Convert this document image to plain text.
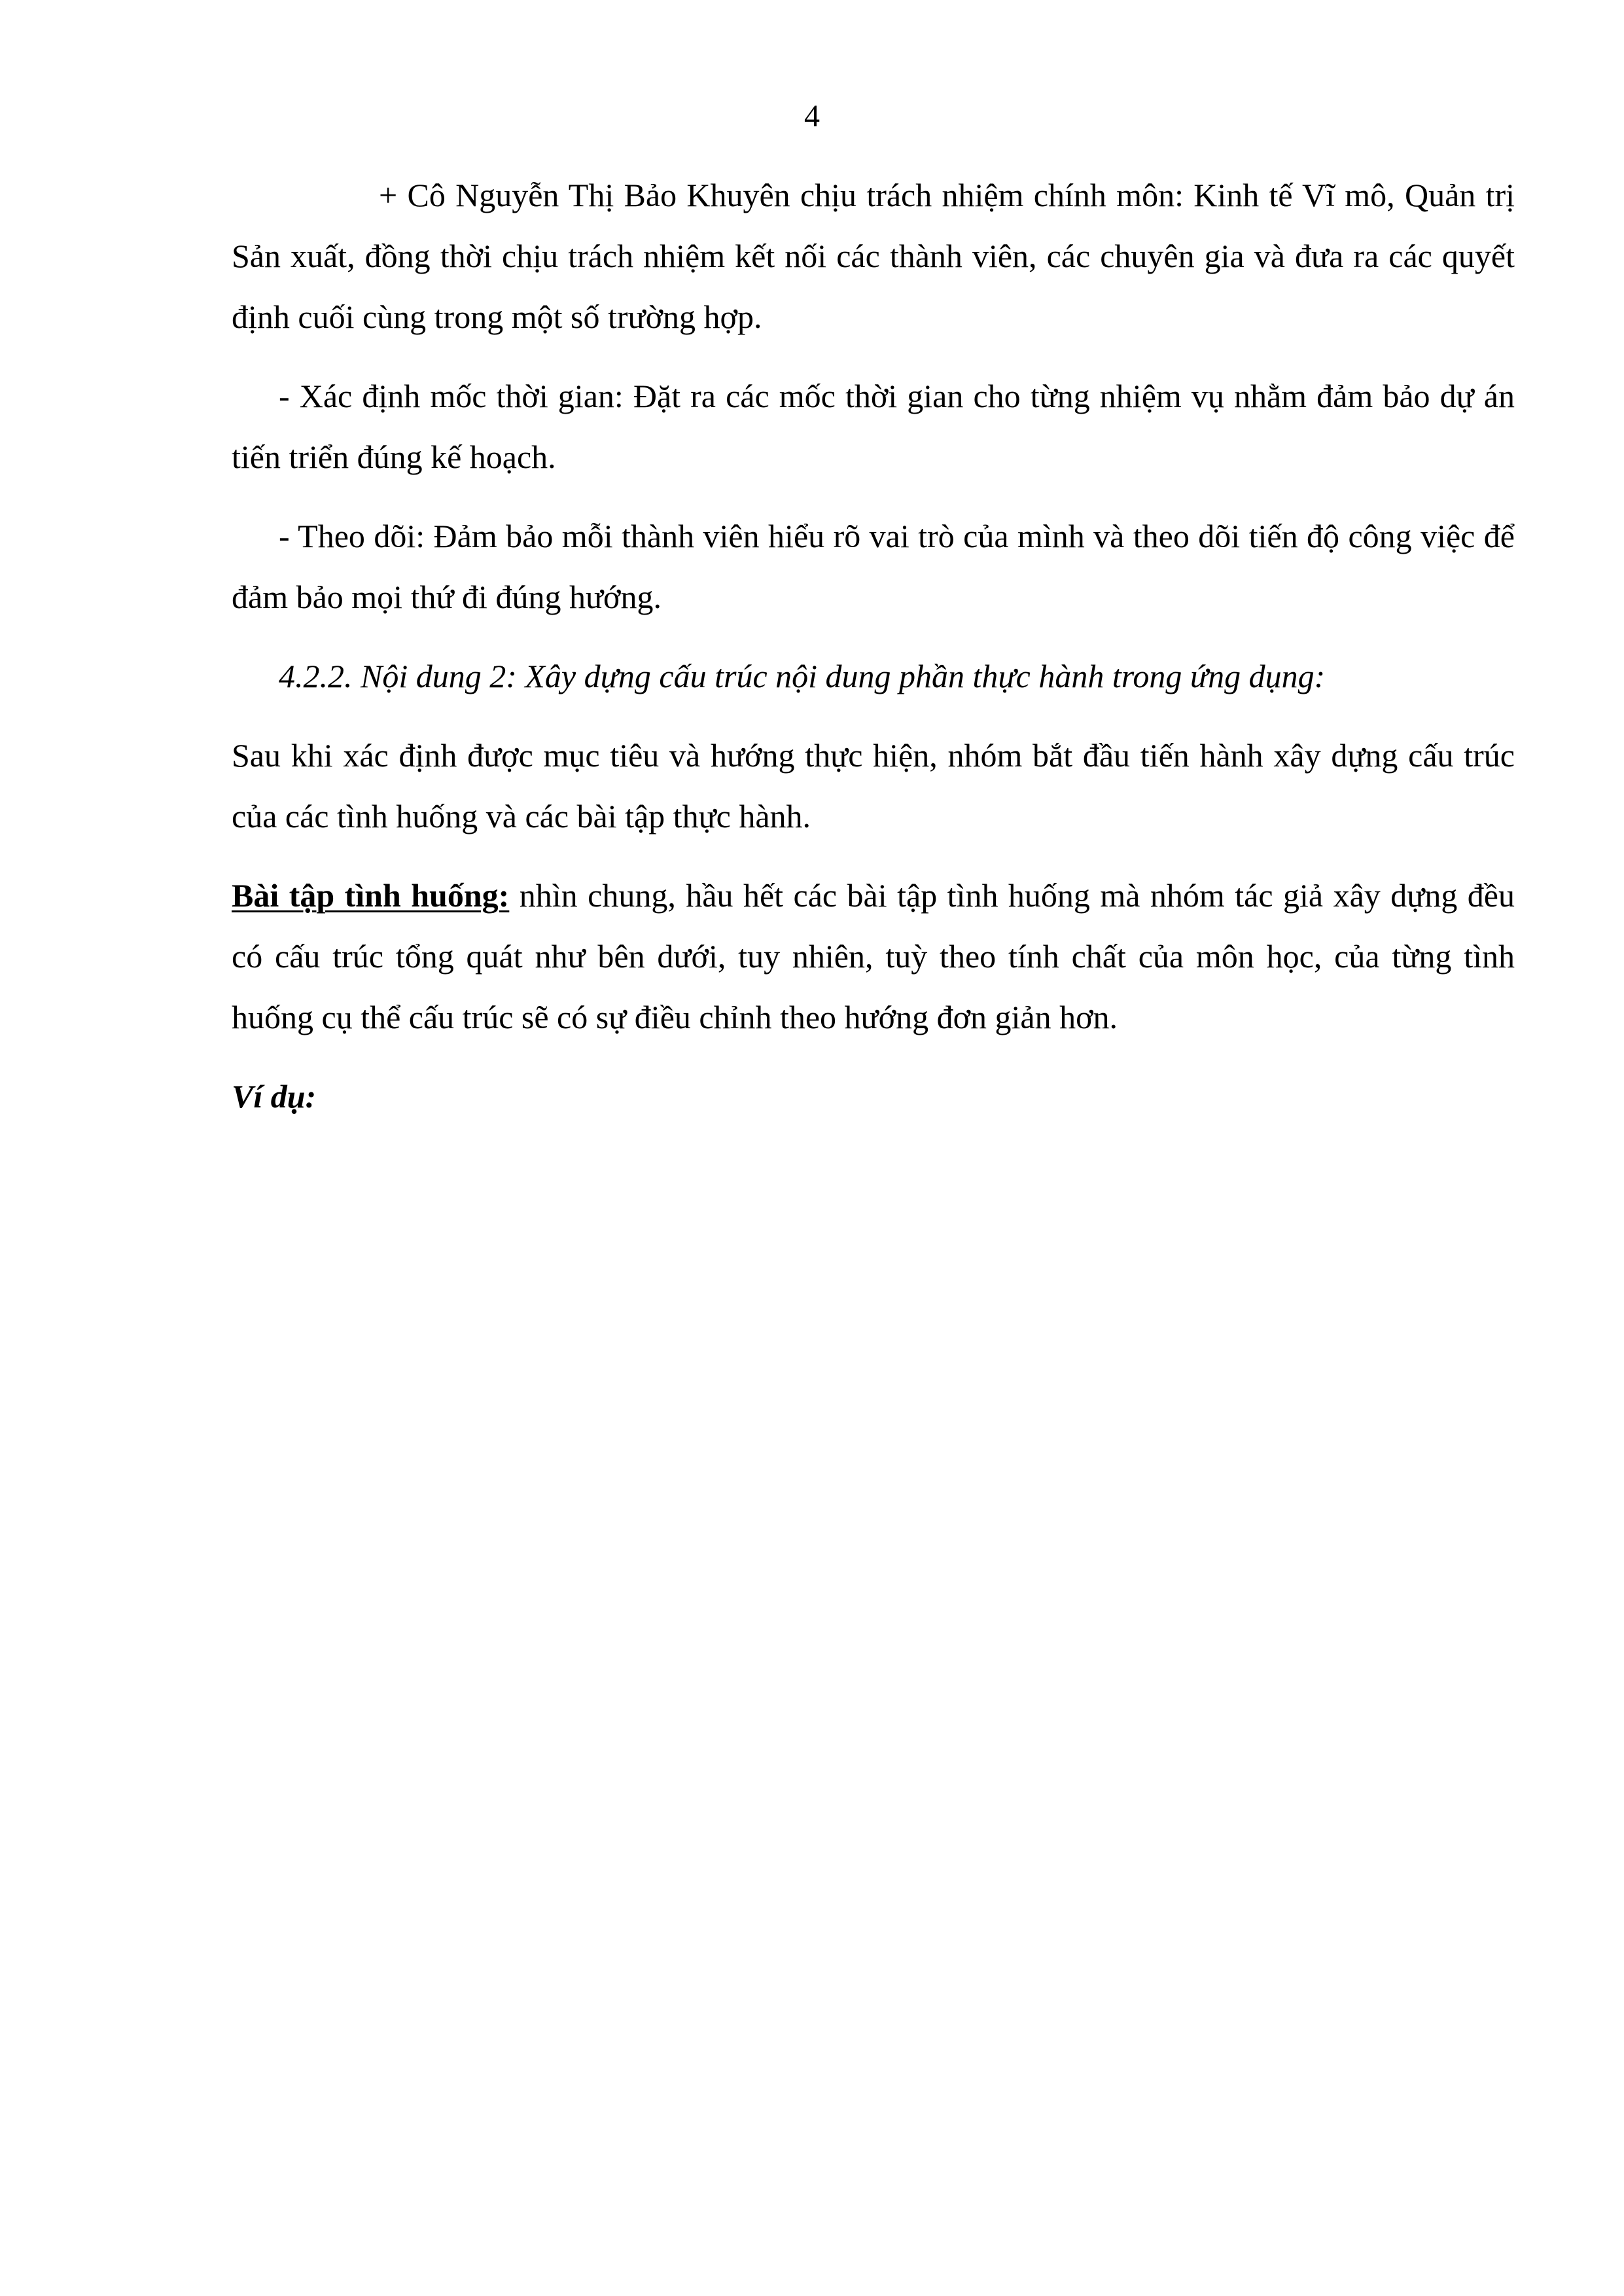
4

+ Cô Nguyễn Thị Bảo Khuyên chịu trách nhiệm chính môn: Kinh tế Vĩ mô, Quản trị Sản xuất, đồng thời chịu trách nhiệm kết nối các thành viên, các chuyên gia và đưa ra các quyết định cuối cùng trong một số trường hợp.

- Xác định mốc thời gian: Đặt ra các mốc thời gian cho từng nhiệm vụ nhằm đảm bảo dự án tiến triển đúng kế hoạch.

- Theo dõi: Đảm bảo mỗi thành viên hiểu rõ vai trò của mình và theo dõi tiến độ công việc để đảm bảo mọi thứ đi đúng hướng.

4.2.2. Nội dung 2: Xây dựng cấu trúc nội dung phần thực hành trong ứng dụng:

Sau khi xác định được mục tiêu và hướng thực hiện, nhóm bắt đầu tiến hành xây dựng cấu trúc của các tình huống và các bài tập thực hành.

Bài tập tình huống: nhìn chung, hầu hết các bài tập tình huống mà nhóm tác giả xây dựng đều có cấu trúc tổng quát như bên dưới, tuy nhiên, tuỳ theo tính chất của môn học, của từng tình huống cụ thể cấu trúc sẽ có sự điều chỉnh theo hướng đơn giản hơn.

Ví dụ:
